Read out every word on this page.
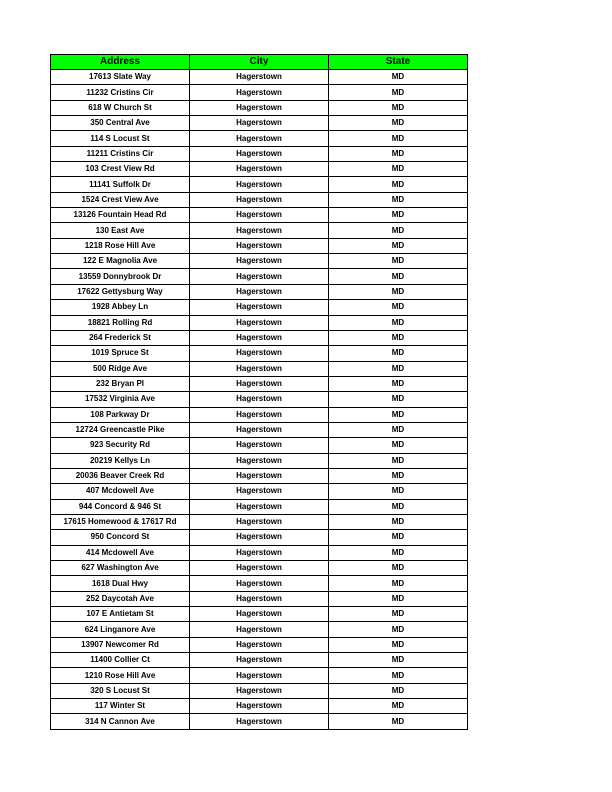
Address	City	State
17613 Slate Way	Hagerstown	MD
11232 Cristins Cir	Hagerstown	MD
618 W Church St	Hagerstown	MD
350 Central Ave	Hagerstown	MD
114 S Locust St	Hagerstown	MD
11211 Cristins Cir	Hagerstown	MD
103 Crest View Rd	Hagerstown	MD
11141 Suffolk Dr	Hagerstown	MD
1524 Crest View Ave	Hagerstown	MD
13126 Fountain Head Rd	Hagerstown	MD
130 East Ave	Hagerstown	MD
1218 Rose Hill Ave	Hagerstown	MD
122 E Magnolia Ave	Hagerstown	MD
13559 Donnybrook Dr	Hagerstown	MD
17622 Gettysburg Way	Hagerstown	MD
1928 Abbey Ln	Hagerstown	MD
18821 Rolling Rd	Hagerstown	MD
264 Frederick St	Hagerstown	MD
1019 Spruce St	Hagerstown	MD
500 Ridge Ave	Hagerstown	MD
232 Bryan Pl	Hagerstown	MD
17532 Virginia Ave	Hagerstown	MD
108 Parkway Dr	Hagerstown	MD
12724 Greencastle Pike	Hagerstown	MD
923 Security Rd	Hagerstown	MD
20219 Kellys Ln	Hagerstown	MD
20036 Beaver Creek Rd	Hagerstown	MD
407 Mcdowell Ave	Hagerstown	MD
944 Concord & 946 St	Hagerstown	MD
17615 Homewood & 17617 Rd	Hagerstown	MD
950 Concord St	Hagerstown	MD
414 Mcdowell Ave	Hagerstown	MD
627 Washington Ave	Hagerstown	MD
1618 Dual Hwy	Hagerstown	MD
252 Daycotah Ave	Hagerstown	MD
107 E Antietam St	Hagerstown	MD
624 Linganore Ave	Hagerstown	MD
13907 Newcomer Rd	Hagerstown	MD
11400 Collier Ct	Hagerstown	MD
1210 Rose Hill Ave	Hagerstown	MD
320 S Locust St	Hagerstown	MD
117 Winter St	Hagerstown	MD
314 N Cannon Ave	Hagerstown	MD
